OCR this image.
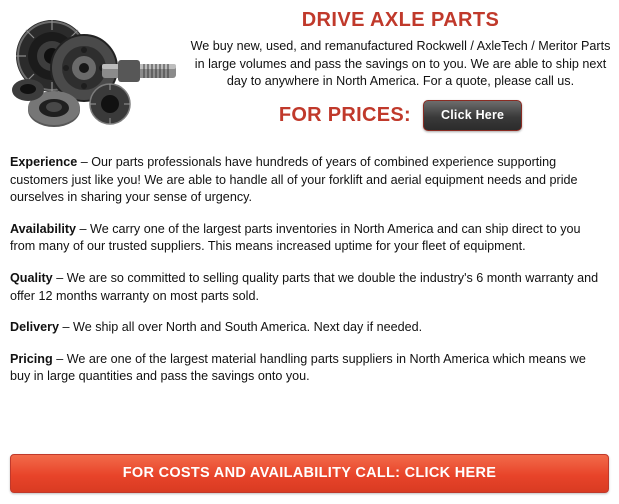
DRIVE AXLE PARTS
We buy new, used, and remanufactured Rockwell / AxleTech / Meritor Parts in large volumes and pass the savings on to you. We are able to ship next day to anywhere in North America. For a quote, please call us.
FOR PRICES:	Click Here

Experience – Our parts professionals have hundreds of years of combined experience supporting customers just like you! We are able to handle all of your forklift and aerial equipment needs and pride ourselves in sharing your sense of urgency.

Availability – We carry one of the largest parts inventories in North America and can ship direct to you from many of our trusted suppliers. This means increased uptime for your fleet of equipment.

Quality – We are so committed to selling quality parts that we double the industry's 6 month warranty and offer 12 months warranty on most parts sold.

Delivery – We ship all over North and South America. Next day if needed.

Pricing – We are one of the largest material handling parts suppliers in North America which means we buy in large quantities and pass the savings onto you.

FOR COSTS AND AVAILABILITY CALL: CLICK HERE
